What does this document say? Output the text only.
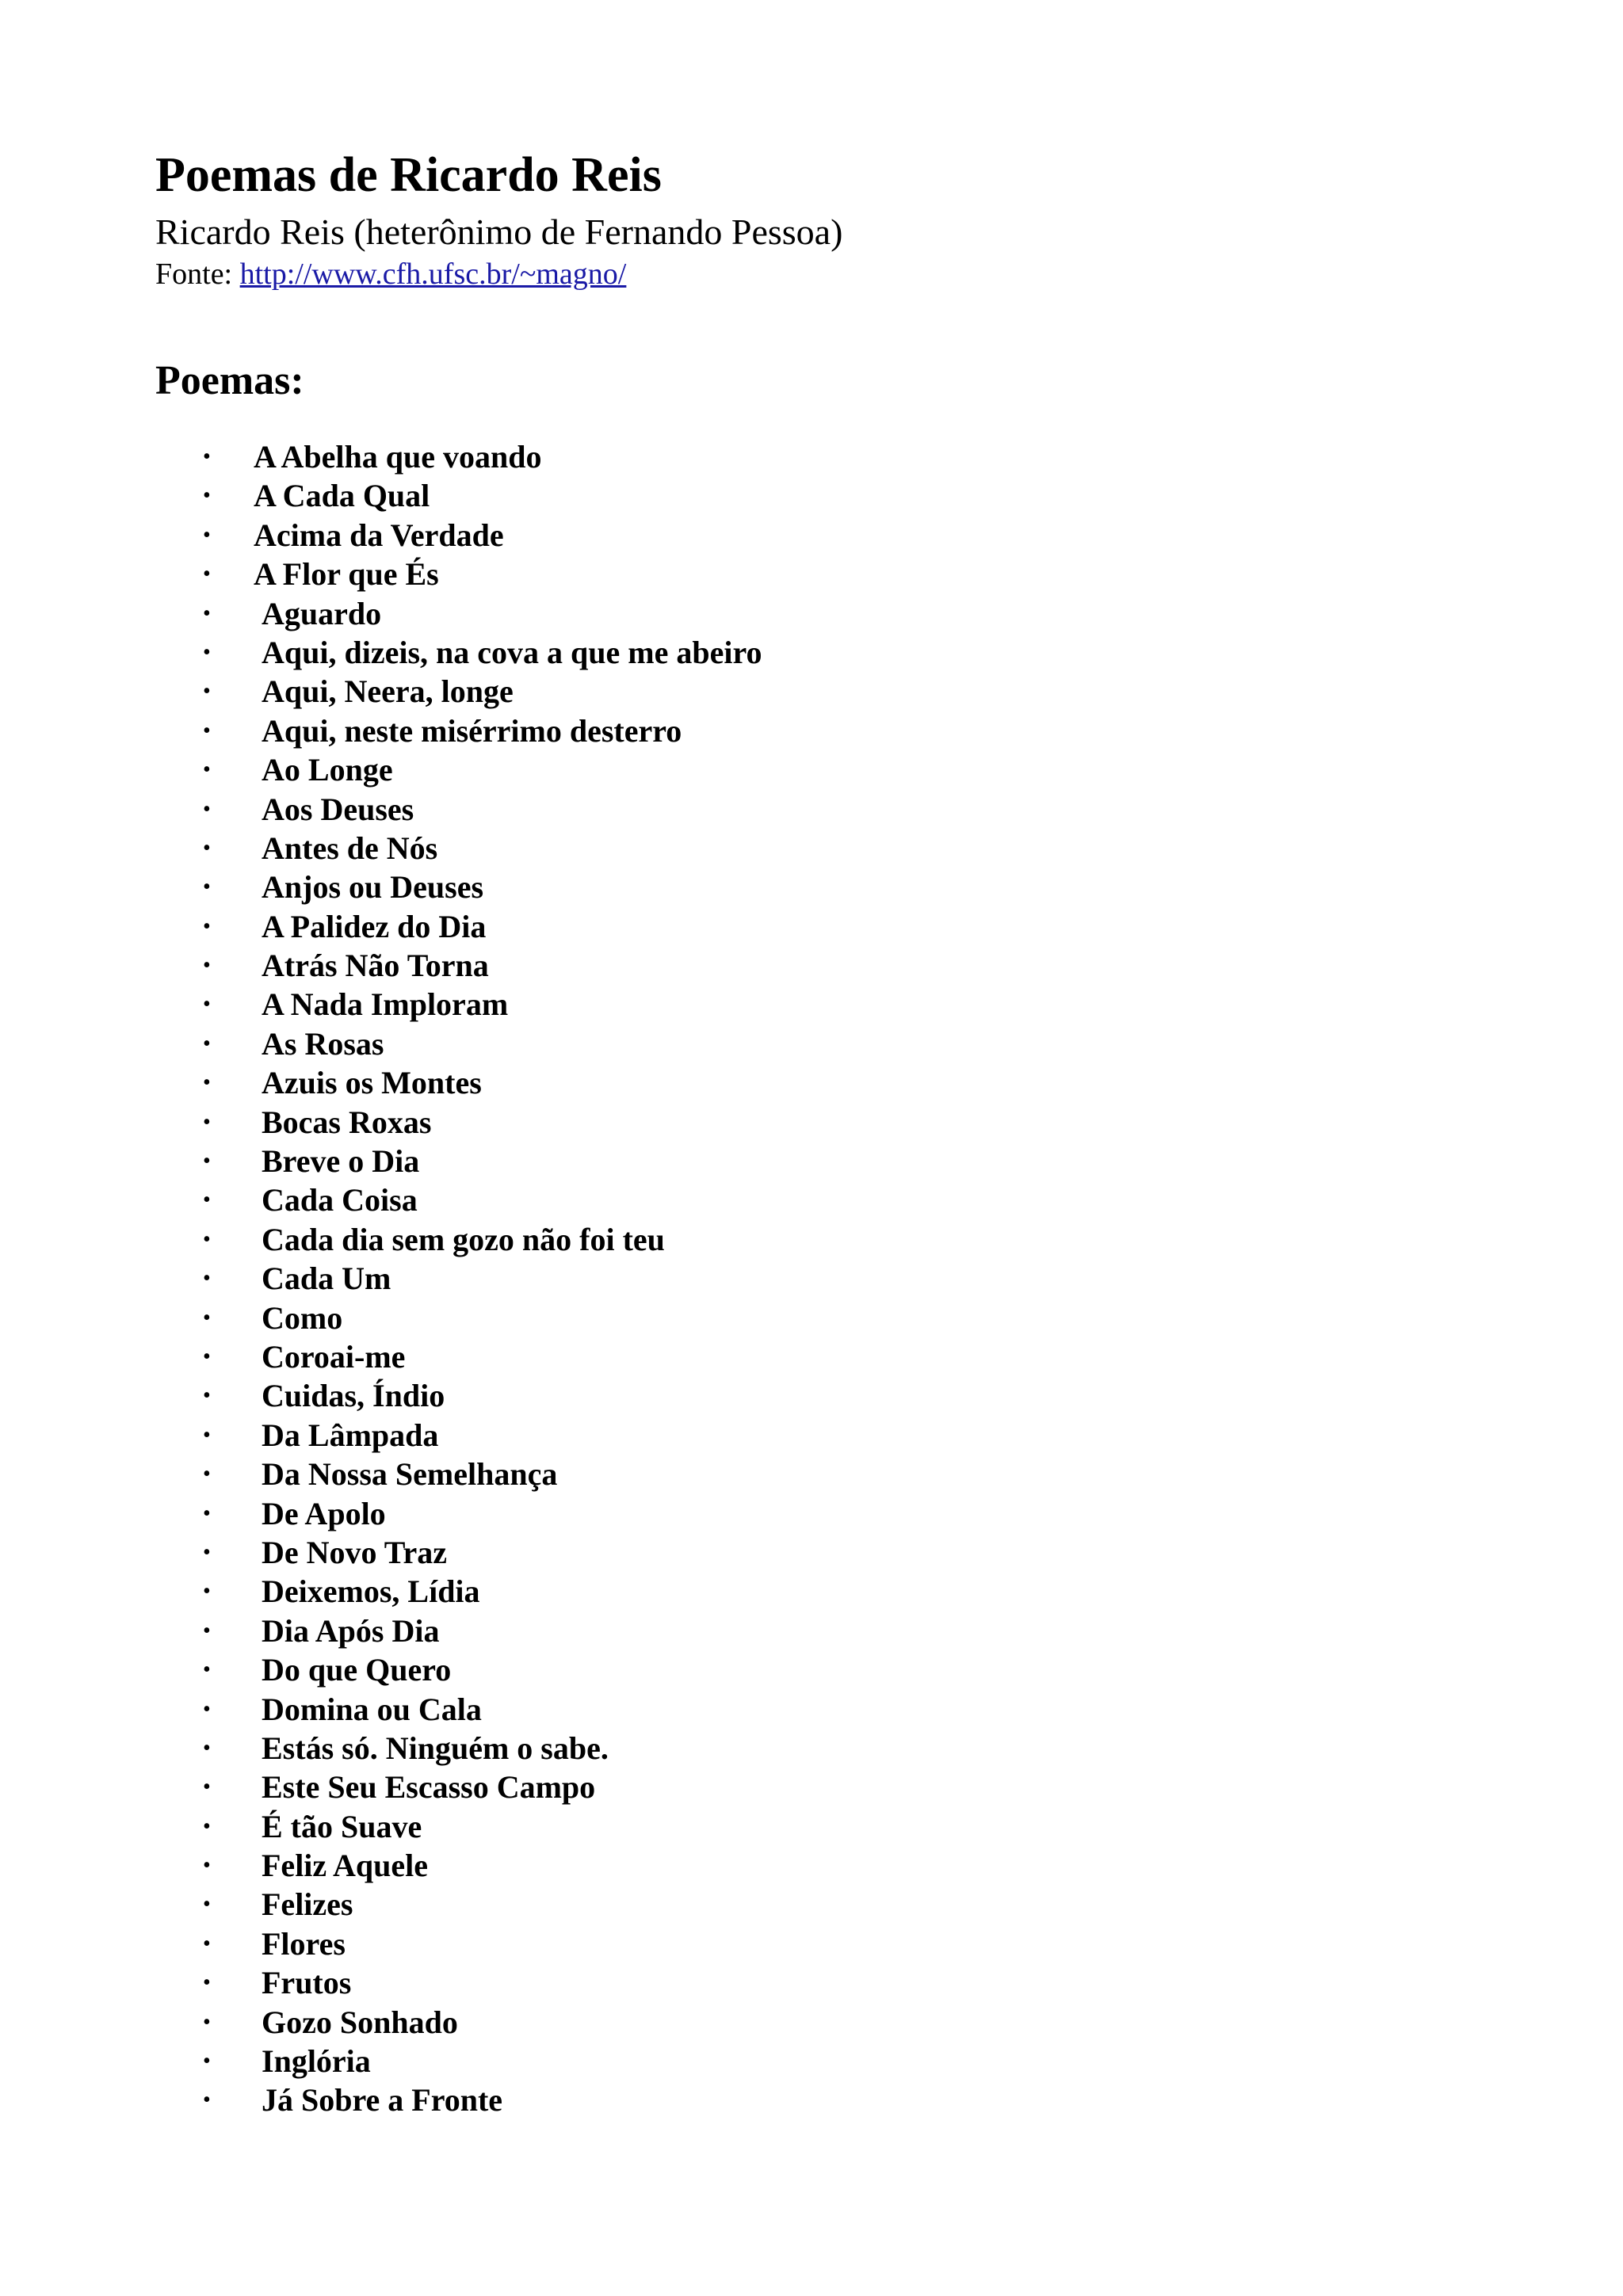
Poemas de Ricardo Reis

Ricardo Reis (heterônimo de Fernando Pessoa)

Fonte: http://www.cfh.ufsc.br/~magno/

Poemas:
• A Abelha que voando
• A Cada Qual
• Acima da Verdade
• A Flor que És
• Aguardo
• Aqui, dizeis, na cova a que me abeiro
• Aqui, Neera, longe
• Aqui, neste misérrimo desterro
• Ao Longe
• Aos Deuses
• Antes de Nós
• Anjos ou Deuses
• A Palidez do Dia
• Atrás Não Torna
• A Nada Imploram
• As Rosas
• Azuis os Montes
• Bocas Roxas
• Breve o Dia
• Cada Coisa
• Cada dia sem gozo não foi teu
• Cada Um
• Como
• Coroai-me
• Cuidas, Índio
• Da Lâmpada
• Da Nossa Semelhança
• De Apolo
• De Novo Traz
• Deixemos, Lídia
• Dia Após Dia
• Do que Quero
• Domina ou Cala
• Estás só. Ninguém o sabe.
• Este Seu Escasso Campo
• É tão Suave
• Feliz Aquele
• Felizes
• Flores
• Frutos
• Gozo Sonhado
• Inglória
• Já Sobre a Fronte
